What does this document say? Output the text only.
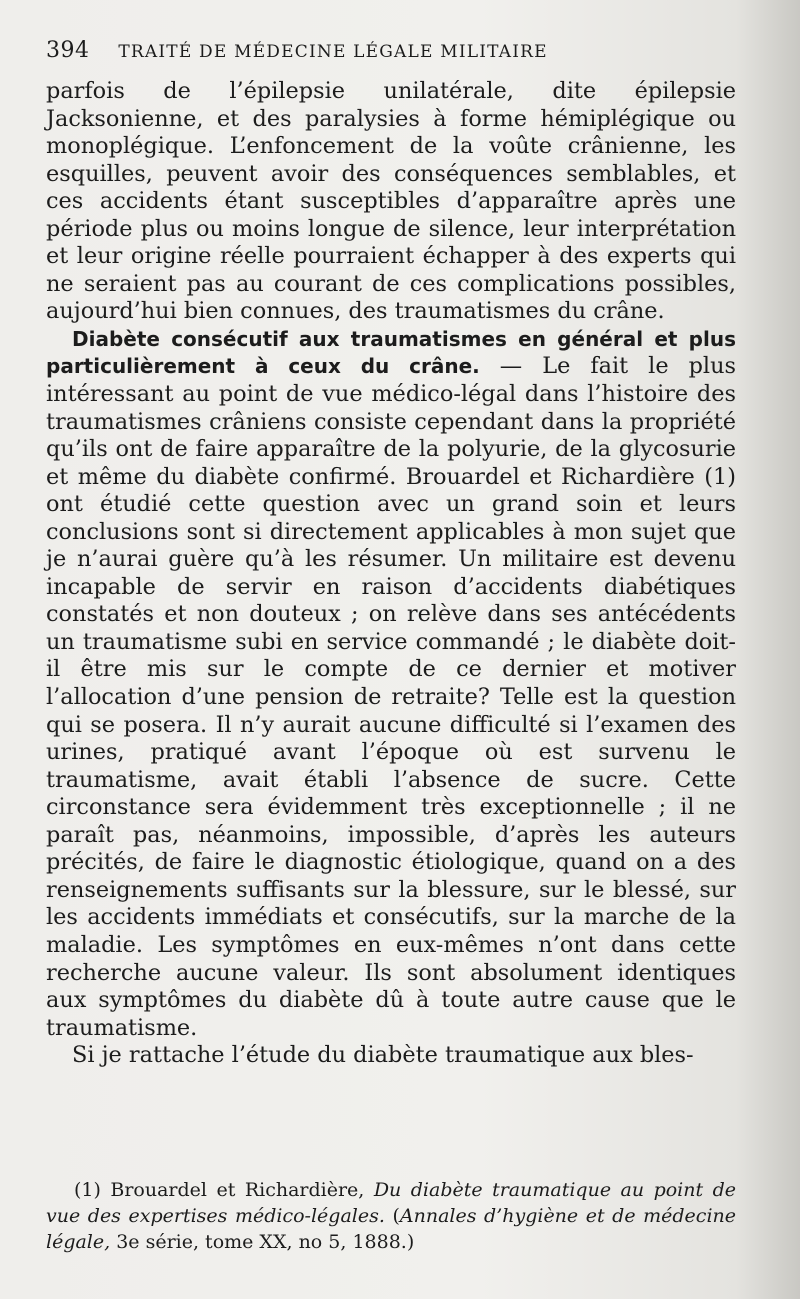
394 TRAITÉ DE MÉDECINE LÉGALE MILITAIRE

parfois de l’épilepsie unilatérale, dite épilepsie Jacksonienne, et des paralysies à forme hémiplégique ou monoplégique. L’enfoncement de la voûte crânienne, les esquilles, peuvent avoir des conséquences semblables, et ces accidents étant susceptibles d’apparaître après une période plus ou moins longue de silence, leur interprétation et leur origine réelle pourraient échapper à des experts qui ne seraient pas au courant de ces complications possibles, aujourd’hui bien connues, des traumatismes du crâne.

Diabète consécutif aux traumatismes en général et plus particulièrement à ceux du crâne. — Le fait le plus intéressant au point de vue médico-légal dans l’histoire des traumatismes crâniens consiste cependant dans la propriété qu’ils ont de faire apparaître de la polyurie, de la glycosurie et même du diabète confirmé. Brouardel et Richardière (1) ont étudié cette question avec un grand soin et leurs conclusions sont si directement applicables à mon sujet que je n’aurai guère qu’à les résumer. Un militaire est devenu incapable de servir en raison d’accidents diabétiques constatés et non douteux ; on relève dans ses antécédents un traumatisme subi en service commandé ; le diabète doit-il être mis sur le compte de ce dernier et motiver l’allocation d’une pension de retraite? Telle est la question qui se posera. Il n’y aurait aucune difficulté si l’examen des urines, pratiqué avant l’époque où est survenu le traumatisme, avait établi l’absence de sucre. Cette circonstance sera évidemment très exceptionnelle ; il ne paraît pas, néanmoins, impossible, d’après les auteurs précités, de faire le diagnostic étiologique, quand on a des renseignements suffisants sur la blessure, sur le blessé, sur les accidents immédiats et consécutifs, sur la marche de la maladie. Les symptômes en eux-mêmes n’ont dans cette recherche aucune valeur. Ils sont absolument identiques aux symptômes du diabète dû à toute autre cause que le traumatisme.

Si je rattache l’étude du diabète traumatique aux bles-

(1) Brouardel et Richardière, Du diabète traumatique au point de vue des expertises médico-légales. (Annales d’hygiène et de médecine légale, 3e série, tome XX, no 5, 1888.)
